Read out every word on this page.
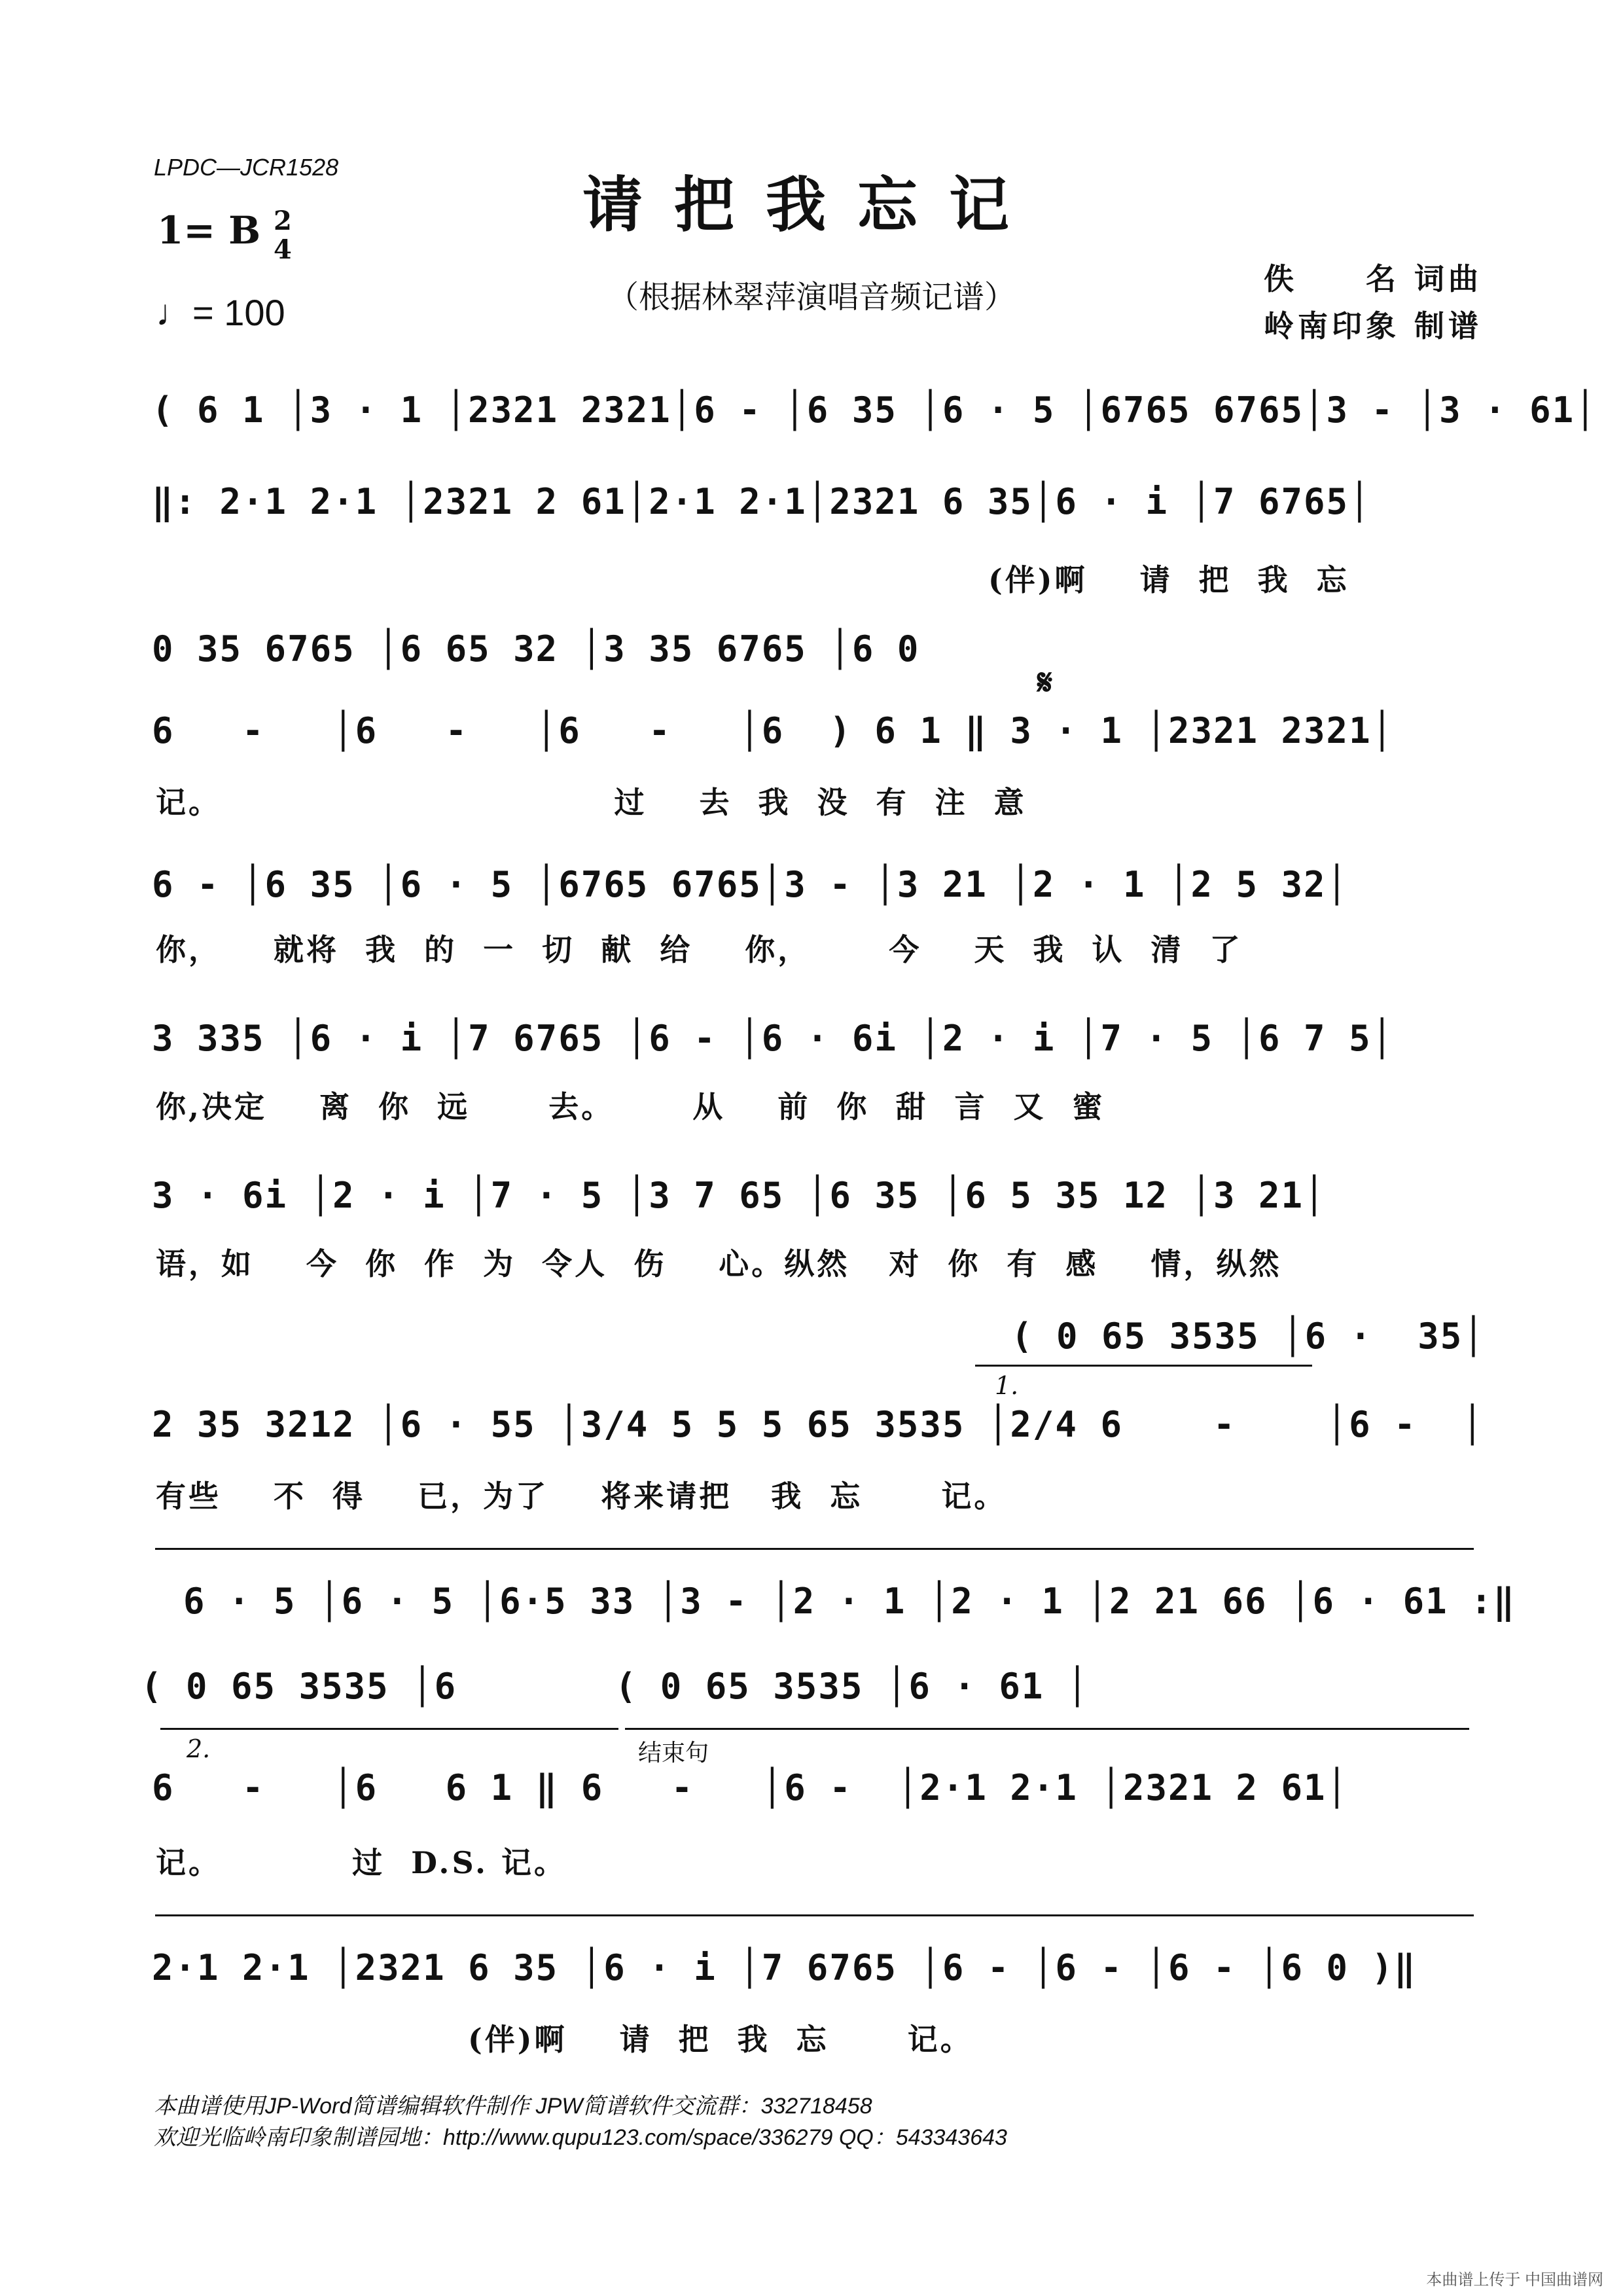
LPDC—JCR1528
请把我忘记
1= B 2
4
♩= 100	（根据林翠萍演唱音频记谱）	佚　　名 词曲
岭南印象 制谱
( 6 1 │3 · 1 │2321 2321│6 - │6 35 │6 · 5 │6765 6765│3 - │3 · 61│
‖: 2·1 2·1 │2321 2 61│2·1 2·1│2321 6 35│6 · i │7 6765│
(伴)啊    请  把  我  忘
0 35 6765 │6 65 32 │3 35 6765 │6 0
𝄋
6   -   │6   -   │6   -   │6  ) 6 1 ‖ 3 · 1 │2321 2321│
记。                              过    去  我  没  有  注  意
6 - │6 35 │6 · 5 │6765 6765│3 - │3 21 │2 · 1 │2 5 32│
你，    就将  我  的  一  切  献  给    你，      今    天  我  认  清  了
3 335 │6 · i │7 6765 │6 - │6 · 6i │2 · i │7 · 5 │6 7 5│
你,决定    离  你  远      去。      从    前  你  甜  言  又  蜜
3 · 6i │2 · i │7 · 5 │3 7 65 │6 35 │6 5 35 12 │3 21│
语，如    今  你  作  为  令人  伤    心。纵然   对  你  有  感    情，纵然
( 0 65 3535 │6 ·  35│
1.
2 35 3212 │6 · 55 │3/4 5 5 5 65 3535 │2/4 6    -    │6 -  │
有些    不  得    已，为了    将来请把   我  忘      记。
6 · 5 │6 · 5 │6·5 33 │3 - │2 · 1 │2 · 1 │2 21 66 │6 · 61 :‖
( 0 65 3535 │6       ( 0 65 3535 │6 · 61 │
2.	结束句
6   -   │6   6 1 ‖ 6   -   │6 -  │2·1 2·1 │2321 2 61│
记。          过  D.S. 记。
2·1 2·1 │2321 6 35 │6 · i │7 6765 │6 - │6 - │6 - │6 0 )‖
(伴)啊    请  把  我  忘      记。
本曲谱使用JP-Word简谱编辑软件制作 JPW简谱软件交流群：332718458
欢迎光临岭南印象制谱园地：http://www.qupu123.com/space/336279 QQ：543343643
本曲谱上传于 中国曲谱网
